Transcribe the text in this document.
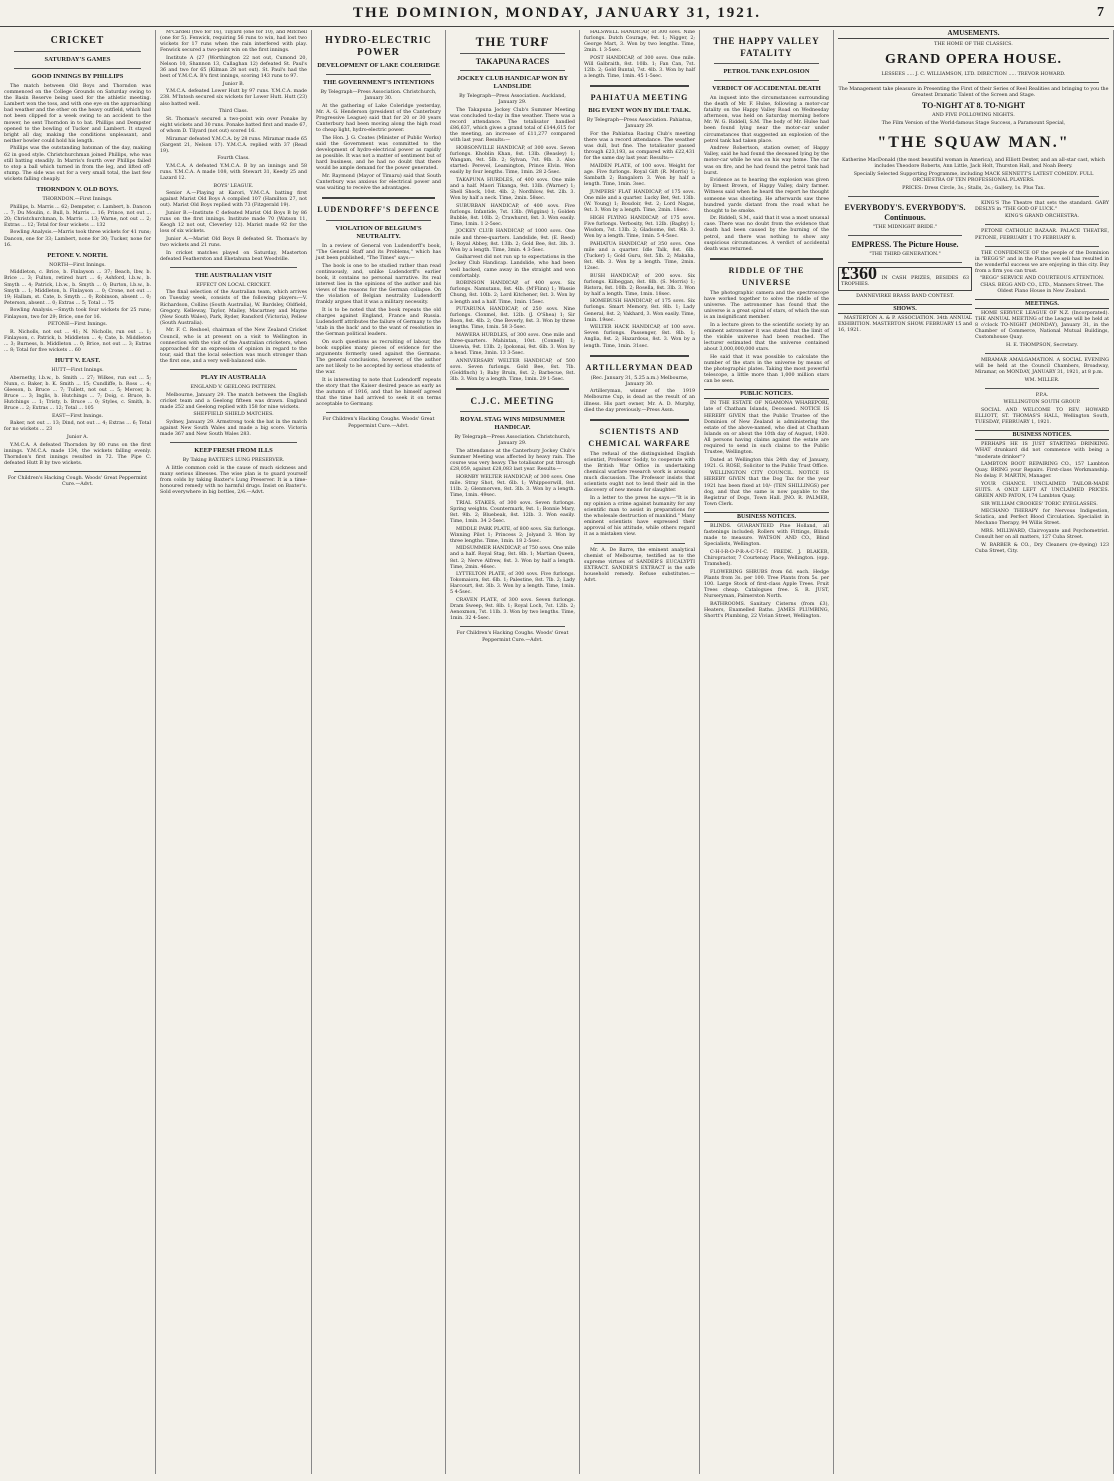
THE DOMINION, MONDAY, JANUARY 31, 1921.	7
CRICKET
SATURDAY'S GAMES
GOOD INNINGS BY PHILLIPS

The match between Old Boys and Thorndon was commenced on the College Grounds on Saturday owing to the Basin Reserve being used for the athletic meeting. Lambert won the toss, and with one eye on the approaching bad weather and the other on the heavy outfield, which had not been clipped for a week owing to an accident to the mower, he sent Thorndon in to bat. Phillips and Dempster opened to the bowling of Tucker and Lambert. It stayed bright all day, making the conditions unpleasant, and neither bowler could hold his length.

Phillips was the outstanding batsman of the day, making 62 in good style. Christchurchman joined Phillips, who was still batting steadily. In Marris's fourth over Phillips failed to stop a ball which turned in from the leg, and lifted off-stump. The side was out for a very small total, the last few wickets falling cheaply.

THORNDON V. OLD BOYS.

THORNDON.—First Innings.

Phillips, b. Marris ... 62; Dempster, c. Lambert, b. Dancon ... 7; Du Moulin, c. Bull, b. Marris ... 16; Prince, not out ... 20; Christchurchman, b. Marris ... 13; Warne, not out ... 2; Extras ... 12; Total for four wickets ... 132

Bowling Analysis.—Marris took three wickets for 41 runs; Dancon, one for 33; Lambert, none for 30; Tucker, none for 16.

PETONE V. NORTH.

NORTH—First Innings.

Middleton, c. Brice, b. Finlayson ... 37; Beach, lbw, b. Brice ... 3; Fulton, retired hurt ... 6; Ashford, l.b.w., b. Smyth ... 4; Patrick, l.b.w., b. Smyth ... 0; Burton, l.b.w., b. Smyth ... 1; Middleton, b. Finlayson ... 0; Crone, not out ... 19; Hallam, st. Cate, b. Smyth ... 0; Robinson, absent ... 0; Peterson, absent ... 0; Extras ... 5; Total ... 75

Bowling Analysis.—Smyth took four wickets for 25 runs; Finlayson, two for 29; Brice, one for 16.

PETONE—First Innings.

R. Nicholls, not out ... 41; N. Nicholls, run out ... 1; Finlayson, c. Patrick, b. Middleton ... 4; Cate, b. Middleton ... 3; Burness, b. Middleton ... 0; Brice, not out ... 3; Extras ... 8; Total for five wickets ... 60

HUTT V. EAST.

HUTT—First Innings.

Abernethy, l.b.w., b. Smith ... 27; Wilkes, run out ... 5; Nunn, c. Baker, b. K. Smith ... 15; Cundliffe, b. Ross ... 4; Gleeson, b. Bruce ... 7; Tullett, not out ... 5; Mercer, b. Bruce ... 3; Inglis, b. Hutchings ... 7; Doig, c. Bruce, b. Hutchings ... 1; Tristy, b. Bruce ... 0; Styles, c. Smith, b. Bruce ... 2; Extras ... 12; Total ... 105

EAST—First Innings.

Baker, not out ... 13; Dind, not out ... 4; Extras ... 6; Total for no wickets ... 23

Junior A.

Y.M.C.A. A defeated Thorndon by 80 runs on the first innings. Y.M.C.A. made 134, the wickets falling evenly. Thorndon's first innings resulted in 72. The Pipe C. defeated Hutt B by two wickets.

For Children's Hacking Cough. Woods' Great Peppermint Cure.—Advt.

M'Cardell (two for 16), Tilyard (one for 10), and Mitchell (one for 5). Fenwick, requiring 56 runs to win, had lost two wickets for 17 runs when the rain interfered with play. Fenwick secured a two-point win on the first innings.

Institute A (27 (Worthington 22 not out, Cumond 20, Nelson 10, Shannon 13, Callaghan 12) defeated St. Paul's 36 and two for 65 (Kilman 28 not out). St. Paul's had the best of Y.M.C.A. B's first innings, scoring 143 runs to 97.

Junior B.

Y.M.C.A. defeated Lower Hutt by 97 runs. Y.M.C.A. made 238. M'Intosh secured six wickets for Lower Hutt. Hutt (23) also batted well.

Third Class.

St. Thomas's secured a two-point win over Ponake by eight wickets and 30 runs. Ponake batted first and made 67, of whom D. Tilyard (not out) scored 16.

Miramar defeated Y.M.C.A. by 28 runs. Miramar made 65 (Sargent 21, Nelson 17). Y.M.C.A. replied with 37 (Read 19).

Fourth Class.

Y.M.C.A. A defeated Y.M.C.A. B by an innings and 58 runs. Y.M.C.A. A made 108, with Stewart 31, Keedy 25 and Lazard 12.

BOYS' LEAGUE.

Senior A.—Playing at Karori, Y.M.C.A. batting first against Marist Old Boys A compiled 107 (Hamilton 27, not out). Marist Old Boys replied with 73 (Fitzgerald 19).

Junior B.—Institute C defeated Marist Old Boys B by 86 runs on the first innings. Institute made 70 (Watson 11, Keogh 12 not out, Cleverley 12). Marist made 92 for the loss of six wickets.

Junior A.—Marist Old Boys B defeated St. Thomas's by two wickets and 21 runs.

In cricket matches played on Saturday, Masterton defeated Featherston and Eketahuna beat Woodville.

THE AUSTRALIAN VISIT

EFFECT ON LOCAL CRICKET.

The final selection of the Australian team, which arrives on Tuesday week, consists of the following players:—V. Richardson, Collins (South Australia), W. Bardsley, Oldfield, Gregory, Kelleway, Taylor, Mailey, Macartney and Mayne (New South Wales), Park, Ryder, Ransford (Victoria), Pellew (South Australia).

Mr. F. C. Reshoel, chairman of the New Zealand Cricket Council, who is at present on a visit to Wellington in connection with the visit of the Australian cricketers, when approached for an expression of opinion in regard to the tour, said that the local selection was much stronger than the first one, and a very well-balanced side.

PLAY IN AUSTRALIA

ENGLAND V. GEELONG PATTERN.

Melbourne, January 29. The match between the English cricket team and a Geelong fifteen was drawn. England made 252 and Geelong replied with 158 for nine wickets.

SHEFFIELD SHIELD MATCHES.

Sydney, January 29. Armstrong took the bat in the match against New South Wales and made a big score. Victoria made 367 and New South Wales 283.

KEEP FRESH FROM ILLS

By Taking BAXTER'S LUNG PRESERVER.

A little common cold is the cause of much sickness and many serious illnesses. The wise plan is to guard yourself from colds by taking Baxter's Lung Preserver. It is a time-honoured remedy with no harmful drugs. Insist on Baxter's. Sold everywhere in big bottles, 2/6.—Advt.

HYDRO-ELECTRIC POWER
DEVELOPMENT OF LAKE COLERIDGE
THE GOVERNMENT'S INTENTIONS

By Telegraph—Press Association. Christchurch, January 30.

At the gathering of Lake Coleridge yesterday, Mr. A. G. Henderson (president of the Canterbury Progressive League) said that for 20 or 30 years Canterbury had been moving along the high road to cheap light, hydro-electric power.

The Hon. J. G. Coates (Minister of Public Works) said the Government was committed to the development of hydro-electrical power as rapidly as possible. It was not a matter of sentiment but of hard business, and he had no doubt that there would be ample demand for the power generated.

Mr. Raymond (Mayor of Timaru) said that South Canterbury was anxious for electrical power and was waiting to receive the advantages.

LUDENDORFF'S DEFENCE
VIOLATION OF BELGIUM'S NEUTRALITY.

In a review of General von Ludendorff's book, "The General Staff and its Problems," which has just been published, "The Times" says:—

The book is one to be studied rather than read continuously, and, unlike Ludendorff's earlier book, it contains no personal narrative. Its real interest lies in the opinions of the author and his views of the reasons for the German collapse. On the violation of Belgian neutrality Ludendorff frankly argues that it was a military necessity.

It is to be noted that the book repeats the old charges against England, France and Russia. Ludendorff attributes the failure of Germany to the 'stab in the back' and to the want of resolution in the German political leaders.

On such questions as recruiting of labour, the book supplies many pieces of evidence for the arguments formerly used against the Germans. The general conclusions, however, of the author are not likely to be accepted by serious students of the war.

It is interesting to note that Ludendorff repeats the story that the Kaiser desired peace as early as the autumn of 1916, and that he himself agreed that the time had arrived to seek it on terms acceptable to Germany.

For Children's Hacking Coughs. Woods' Great Peppermint Cure.—Advt.

THE TURF
TAKAPUNA RACES
JOCKEY CLUB HANDICAP WON BY LANDSLIDE

By Telegraph—Press Association. Auckland, January 29.

The Takapuna Jockey Club's Summer Meeting was concluded to-day in fine weather. There was a record attendance. The totalisator handled £86,637, which gives a grand total of £144,615 for the meeting, an increase of £11,277 compared with last year. Results:—

HOBSONVILLE HANDICAP, of 300 sovs. Seven furlongs. Khoblin Khan, 8st. 13lb. (Beasley) 1; Wangam, 9st. 5lb. 2; Sylvan, 7st. 9lb. 3. Also started: Perevel, Leamington, Prince Elvin. Won easily by four lengths. Time, 1min. 28 2-5sec.

TAKAPUNA HURDLES, of 400 sovs. One mile and a half. Maori Tikanga, 9st. 13lb. (Warner) 1; Shell Shock, 10st. 4lb. 2; Nordhlow, 9st. 2lb. 3. Won by half a neck. Time, 2min. 58sec.

SUBURBAN HANDICAP, of 400 sovs. Five furlongs. Infantide, 7st. 13lb. (Wiggins) 1; Golden Bubble, 8st. 10lb. 2; Crawhurst, 8st. 3. Won easily. Time, 1min. 1 2-5sec.

JOCKEY CLUB HANDICAP, of 1000 sovs. One mile and three-quarters. Landslide, 9st. (E. Reed) 1; Royal Abbey, 8st. 13lb. 2; Gold Bee, 8st. 3lb. 3. Won by a length. Time, 3min. 4 3-5sec.

Gaiharvest did not run up to expectations in the Jockey Club Handicap. Landslide, who had been well backed, came away in the straight and won comfortably.

ROBINSON HANDICAP, of 400 sovs. Six furlongs. Namutanu, 8st. 4lb. (M'Flinn) 1; Wassie Chung, 8st. 10lb. 2; Lord Kitchener, 8st. 3. Won by a length and a half. Time, 1min. 15sec.

PUTARUNA HANDICAP, of 250 sovs. Nine furlongs. Clonmel, 8st. 12lb. (J. O'Shea) 1; Sir Boon, 8st. 4lb. 2; One Beverly, 8st. 3. Won by three lengths. Time, 1min. 58 3-5sec.

MAWERA HURDLES, of 300 sovs. One mile and three-quarters. Mahintan, 10st. (Connell) 1; Lluewia, 9st. 13lb. 2; Ipokonai, 9st. 6lb. 3. Won by a head. Time, 3min. 13 3-5sec.

ANNIVERSARY WELTER HANDICAP, of 500 sovs. Seven furlongs. Gold Bee, 8st. 7lb. (Goldfinch) 1; Baby Bruin, 8st. 2; Barbecue, 8st. 3lb. 3. Won by a length. Time, 1min. 29 1-5sec.

C.J.C. MEETING
ROYAL STAG WINS MIDSUMMER HANDICAP.

By Telegraph—Press Association. Christchurch, January 29.

The attendance at the Canterbury Jockey Club's Summer Meeting was affected by heavy rain. The course was very heavy. The totalisator put through £28,059, against £28,083 last year. Results:—

HORNBY WELTER HANDICAP, of 300 sovs. One mile. Stray Shot, 9st. 6lb. 1; Whippoorwill, 8st. 11lb. 2; Glenmorven, 8st. 3lb. 3. Won by a length. Time, 1min. 49sec.

TRIAL STAKES, of 300 sovs. Seven furlongs. Spring weights. Countermark, 9st. 1; Bonnie Mary, 8st. 9lb. 2; Bluebeak, 8st. 12lb. 3. Won easily. Time, 1min. 34 2-5sec.

MIDDLE PARK PLATE, of 800 sovs. Six furlongs. Winning Pilot 1; Princess 2; Jolyand 3. Won by three lengths. Time, 1min. 18 2-5sec.

MIDSUMMER HANDICAP, of 750 sovs. One mile and a half. Royal Stag, 8st. 8lb. 1; Martian Queen, 8st. 2; Nerve Alfrew, 8st. 3. Won by half a length. Time, 2min. 46sec.

LYTTELTON PLATE, of 300 sovs. Five furlongs. Tokomaiora, 8st. 6lb. 1; Palestine, 8st. 7lb. 2; Lady Harcourt, 8st. 3lb. 3. Won by a length. Time, 1min. 5 4-5sec.

CRAVEN PLATE, of 300 sovs. Seven furlongs. Dram Sweep, 9st. 8lb. 1; Royal Loch, 7st. 12lb. 2; Aenoxmon, 7st. 11lb. 3. Won by two lengths. Time, 1min. 32 4-5sec.

For Children's Hacking Coughs. Woods' Great Peppermint Cure.—Advt.

HALSWELL HANDICAP, of 300 sovs. Nine furlongs. Dutch Courage, 9st. 1; Nigger, 2; George Mart, 3. Won by two lengths. Time, 2min. 1 3-5sec.

POST HANDICAP, of 300 sovs. One mile. Will Galbraith, 8st. 10lb. 1; Fan Can, 7st. 12lb. 2; Gold Buntal, 7st. 4lb. 3. Won by half a length. Time, 1min. 45 1-5sec.

PAHIATUA MEETING
BIG EVENT WON BY IDLE TALK.

By Telegraph—Press Association. Pahiatua, January 29.

For the Pahiatua Racing Club's meeting there was a record attendance. The weather was dull, but fine. The totalisator passed through £23,193, as compared with £22,431 for the same day last year. Results:—

MAIDEN PLATE, of 100 sovs. Weight for age. Five furlongs. Royal Gift (R. Morris) 1; Sambath 2; Bangalorn 3. Won by half a length. Time, 1min. 3sec.

JUMPERS' FLAT HANDICAP, of 175 sovs. One mile and a quarter. Lucky Bet, 9st. 13lb. (W. Young) 1; Boudoir, 9st. 2; Lord Nagas, 9st. 3. Won by a length. Time, 2min. 18sec.

HIGH FLYING HANDICAP, of 175 sovs. Five furlongs. Verbosity, 9st. 12lb. (Bagby) 1; Wisdom, 7st. 13lb. 2; Gladsome, 8st. 9lb. 3. Won by a length. Time, 1min. 5 4-5sec.

PAHIATUA HANDICAP, of 350 sovs. One mile and a quarter. Idle Talk, 8st. 6lb. (Tucker) 1; Gold Guru, 8st. 5lb. 2; Makaha, 8st. 4lb. 3. Won by a length. Time, 2min. 12sec.

BUSH HANDICAP, of 200 sovs. Six furlongs. Kilbeggan, 8st. 8lb. (S. Morris) 1; Ristora, 8st. 10lb. 2; Rosella, 8st. 3lb. 3. Won by half a length. Time, 1min. 18sec.

HOMEBUSH HANDICAP, of 175 sovs. Six furlongs. Smart Memory, 8st. 8lb. 1; Lady General, 8st. 2; Vakhard, 3. Won easily. Time, 1min. 19sec.

WELTER HACK HANDICAP, of 100 sovs. Seven furlongs. Passenger, 8st. 8lb. 1; Anglia, 8st. 2; Hazardous, 8st. 3. Won by a length. Time, 1min. 31sec.

ARTILLERYMAN DEAD

(Rec. January 31, 5.25 a.m.) Melbourne, January 30.

Artilleryman, winner of the 1919 Melbourne Cup, is dead as the result of an illness. His part owner, Mr. A. D. Murphy, died the day previously.—Press Assn.

SCIENTISTS AND CHEMICAL WARFARE

The refusal of the distinguished English scientist, Professor Soddy, to cooperate with the British War Office in undertaking chemical warfare research work is arousing much discussion. The Professor insists that scientists ought not to lend their aid in the discovery of new means for slaughter.

In a letter to the press he says:—"It is in my opinion a crime against humanity for any scientific man to assist in preparations for the wholesale destruction of mankind." Many eminent scientists have expressed their approval of his attitude, while others regard it as a mistaken view.

Mr. A. De Barre, the eminent analytical chemist of Melbourne, testified as to the supreme virtues of SANDER'S EUCALYPTI EXTRACT. SANDER'S EXTRACT is the safe household remedy. Refuse substitutes.—Advt.

THE HAPPY VALLEY FATALITY
PETROL TANK EXPLOSION
VERDICT OF ACCIDENTAL DEATH

An inquest into the circumstances surrounding the death of Mr. F. Hulse, following a motor-car fatality on the Happy Valley Road on Wednesday afternoon, was held on Saturday morning before Mr. W. G. Riddell, S.M. The body of Mr. Hulse had been found lying near the motor-car under circumstances that suggested an explosion of the petrol tank had taken place.

Andrew Robertson, station owner, of Happy Valley, said he had found the deceased lying by the motor-car while he was on his way home. The car was on fire, and he had found the petrol tank had burst.

Evidence as to hearing the explosion was given by Ernest Brown, of Happy Valley, dairy farmer. Witness said when he heard the report he thought someone was shooting. He afterwards saw three hundred yards distant from the road what he thought to be smoke.

Dr. Riddell, S.M., said that it was a most unusual case. There was no doubt from the evidence that death had been caused by the burning of the petrol, and there was nothing to show any suspicious circumstances. A verdict of accidental death was returned.

RIDDLE OF THE UNIVERSE

The photographic camera and the spectroscope have worked together to solve the riddle of the universe. The astronomer has found that the universe is a great spiral of stars, of which the sun is an insignificant member.

In a lecture given to the scientific society by an eminent astronomer it was stated that the limit of the visible universe had been reached. The lecturer estimated that the universe contained about 3,000,000,000 stars.

He said that it was possible to calculate the number of the stars in the universe by means of the photographic plates. Taking the most powerful telescope, a little more than 1,000 million stars can be seen.

PUBLIC NOTICES.

IN THE ESTATE OF NGAMONA WHAREPORI, late of Chatham Islands, Deceased. NOTICE IS HEREBY GIVEN that the Public Trustee of the Dominion of New Zealand is administering the estate of the above-named, who died at Chatham Islands on or about the 10th day of August, 1920. All persons having claims against the estate are required to send in such claims to the Public Trustee, Wellington.

Dated at Wellington this 24th day of January, 1921. G. ROSE, Solicitor to the Public Trust Office.

WELLINGTON CITY COUNCIL. NOTICE IS HEREBY GIVEN that the Dog Tax for the year 1921 has been fixed at 10/- (TEN SHILLINGS) per dog, and that the same is now payable to the Registrar of Dogs, Town Hall. JNO. R. PALMER, Town Clerk.

BUSINESS NOTICES.

BLINDS. GUARANTEED Pine Holland, all fastenings included; Rollers with Fittings, Blinds made to measure. WATSON AND CO., Blind Specialists, Wellington.

C-H-I-R-O-P-R-A-C-T-I-C. FREDK. J. BLAKER, Chiropractor, 7 Courtenay Place, Wellington. (opp. Tramshed).

FLOWERING SHRUBS from 6d. each. Hedge Plants from 3s. per 100. Tree Plants from 5s. per 100. Large Stock of first-class Apple Trees. Fruit Trees cheap. Catalogues free. S. R. JUST, Nurseryman, Palmerston North.

BATHROOMS. Sanitary Cisterns (from £3), Heaters, Enamelled Baths. JAMES PLUMBING, Shortt's Plumbing, 22 Vivian Street, Wellington.

AMUSEMENTS.

THE HOME OF THE CLASSICS.

GRAND OPERA HOUSE.

LESSEES ..... J. C. WILLIAMSON, LTD. DIRECTION ..... TREVOR HOWARD.

The Management take pleasure in Presenting the First of their Series of Reel Realities and bringing to you the Greatest Dramatic Talent of the Screen and Stage.

TO-NIGHT AT 8. TO-NIGHT

AND FIVE FOLLOWING NIGHTS.

The Film Version of the World-famous Stage Success, a Paramount Special,

"THE SQUAW MAN."

Katherine MacDonald (the most beautiful woman in America), and Elliott Dexter, and an all-star cast, which includes Theodore Roberts, Ann Little, Jack Holt, Thurston Hall, and Noah Beery.

Specially Selected Supporting Programme, including MACK SENNETT'S LATEST COMEDY. FULL ORCHESTRA OF TEN PROFESSIONAL PLAYERS.

PRICES: Dress Circle, 3s.; Stalls, 2s.; Gallery, 1s. Plus Tax.

EVERYBODY'S. EVERYBODY'S. Continuous.

"THE MIDNIGHT BRIDE."

EMPRESS. The Picture House.

"THE THIRD GENERATION."

£360 IN CASH PRIZES, BESIDES 63 TROPHIES.

DANNEVIRKE BRASS BAND CONTEST.

SHOWS.

MASTERTON A. & P. ASSOCIATION. 34th ANNUAL EXHIBITION. MASTERTON SHOW. FEBRUARY 15 and 16, 1921.

KING'S The Theatre that sets the standard. GABY DESLYS in "THE GOD OF LUCK."

KING'S GRAND ORCHESTRA.

PETONE CATHOLIC BAZAAR. PALACE THEATRE, PETONE, FEBRUARY 1 TO FEBRUARY 8.

THE CONFIDENCE OF the people of the Dominion in "BEGG'S" and in the Pianos we sell has resulted in the wonderful success we are enjoying in this city. Buy from a firm you can trust.

"BEGG" SERVICE AND COURTEOUS ATTENTION. CHAS. BEGG AND CO., LTD., Manners Street. The Oldest Piano House in New Zealand.

MEETINGS.

HOME SERVICE LEAGUE OF N.Z. (Incorporated). THE ANNUAL MEETING of the League will be held at 8 o'clock TO-NIGHT (MONDAY), January 31, in the Chamber of Commerce, National Mutual Buildings, Customhouse Quay.

H. E. THOMPSON, Secretary.

MIRAMAR AMALGAMATION. A SOCIAL EVENING will be held at the Council Chambers, Broadway, Miramar, on MONDAY, JANUARY 31, 1921, at 8 p.m.

WM. MILLER.

P.P.A.

WELLINGTON SOUTH GROUP.

SOCIAL AND WELCOME TO REV. HOWARD ELLIOTT, ST. THOMAS'S HALL, Wellington South, TUESDAY, FEBRUARY 1, 1921.

BUSINESS NOTICES.

PERHAPS HE IS JUST STARTING DRINKING. WHAT drunkard did not commence with being a "moderate drinker"?

LAMBTON BOOT REPAIRING CO., 157 Lambton Quay. BRING your Repairs. First-class Workmanship. No delay. F. MARTIN, Manager.

YOUR CHANCE. UNCLAIMED TAILOR-MADE SUITS. A ONLY LEFT AT UNCLAIMED PRICES. GREEN AND PATON, 174 Lambton Quay.

SIR WILLIAM CROOKES' TORIC EYEGLASSES.

MECHANO THERAPY for Nervous Indigestion, Sciatica, and Perfect Blood Circulation. Specialist in Mechano Therapy, 94 Willis Street.

MRS. MILLWARD, Clairvoyante and Psychometrist. Consult her on all matters, 127 Cuba Street.

W. BARBER & CO., Dry Cleaners (re-dyeing) 123 Cuba Street, City.
